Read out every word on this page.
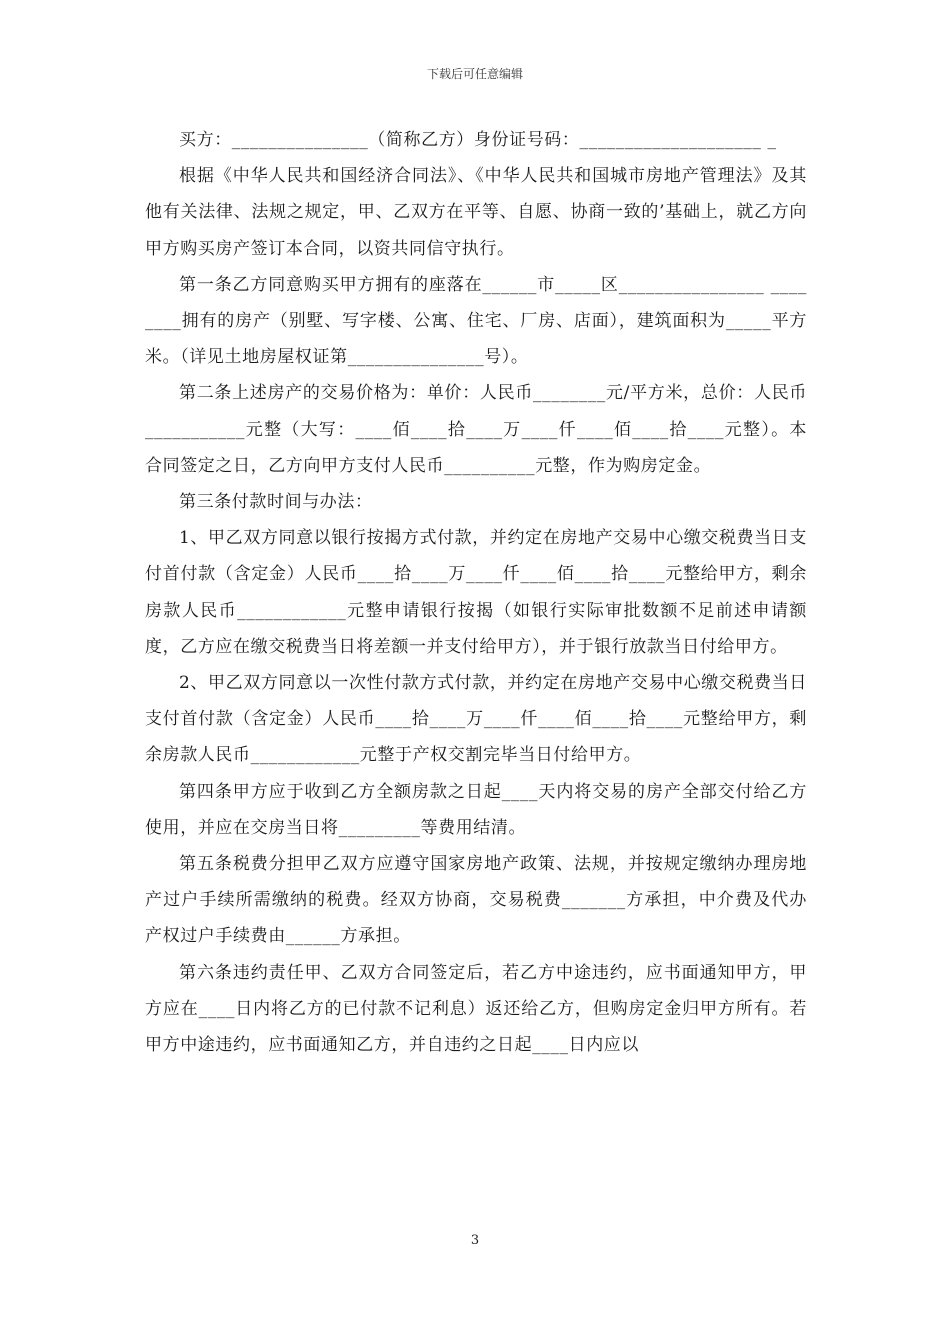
下载后可任意编辑

买方：_______________（简称乙方）身份证号码：____________________ _

根据《中华人民共和国经济合同法》、《中华人民共和国城市房地产管理法》及其他有关法律、法规之规定，甲、乙双方在平等、自愿、协商一致的’基础上，就乙方向甲方购买房产签订本合同，以资共同信守执行。

第一条乙方同意购买甲方拥有的座落在______市_____区________________ ________拥有的房产（别墅、写字楼、公寓、住宅、厂房、店面），建筑面积为_____平方米。（详见土地房屋权证第_______________号）。

第二条上述房产的交易价格为：单价：人民币________元/平方米，总价：人民币___________元整（大写：____佰____拾____万____仟____佰____拾____元整）。本合同签定之日，乙方向甲方支付人民币__________元整，作为购房定金。

第三条付款时间与办法：

1、甲乙双方同意以银行按揭方式付款，并约定在房地产交易中心缴交税费当日支付首付款（含定金）人民币____拾____万____仟____佰____拾____元整给甲方，剩余房款人民币____________元整申请银行按揭（如银行实际审批数额不足前述申请额度，乙方应在缴交税费当日将差额一并支付给甲方），并于银行放款当日付给甲方。

2、甲乙双方同意以一次性付款方式付款，并约定在房地产交易中心缴交税费当日支付首付款（含定金）人民币____拾____万____仟____佰____拾____元整给甲方，剩余房款人民币____________元整于产权交割完毕当日付给甲方。

第四条甲方应于收到乙方全额房款之日起____天内将交易的房产全部交付给乙方使用，并应在交房当日将_________等费用结清。

第五条税费分担甲乙双方应遵守国家房地产政策、法规，并按规定缴纳办理房地产过户手续所需缴纳的税费。经双方协商，交易税费_______方承担，中介费及代办产权过户手续费由______方承担。

第六条违约责任甲、乙双方合同签定后，若乙方中途违约，应书面通知甲方，甲方应在____日内将乙方的已付款不记利息）返还给乙方，但购房定金归甲方所有。若甲方中途违约，应书面通知乙方，并自违约之日起____日内应以

3
